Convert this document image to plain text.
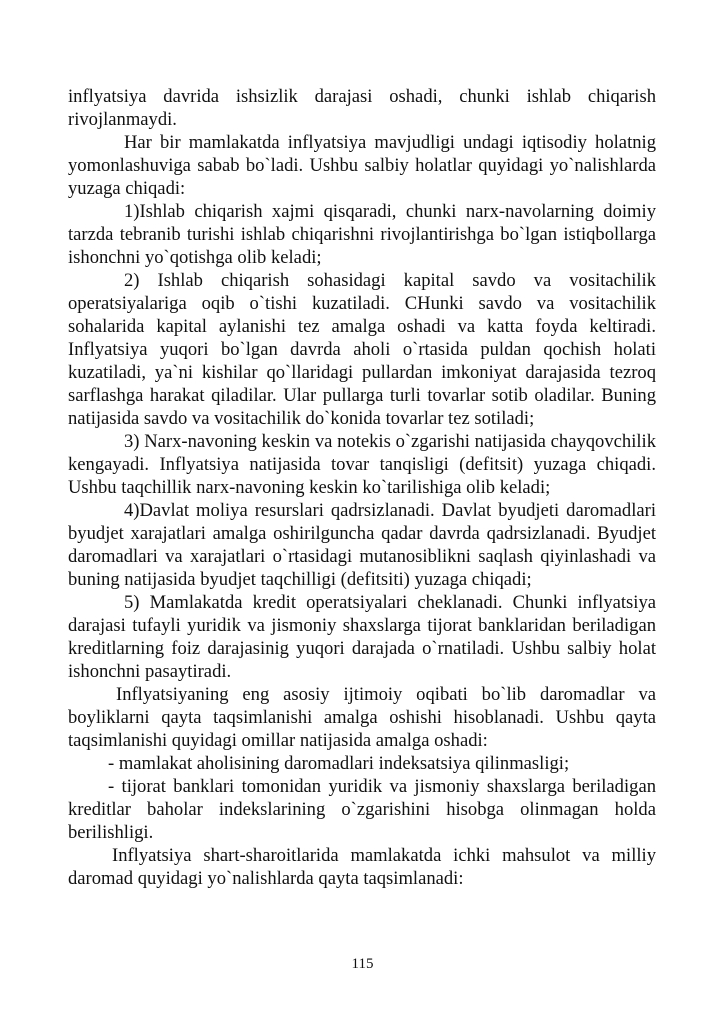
inflyatsiya davrida ishsizlik darajasi oshadi, chunki ishlab chiqarish rivojlanmaydi.

Har bir mamlakatda inflyatsiya mavjudligi undagi iqtisodiy holatnig yomonlashuviga sabab bo`ladi. Ushbu salbiy holatlar quyidagi yo`nalishlarda yuzaga chiqadi:

1)Ishlab chiqarish xajmi qisqaradi, chunki narx-navolarning doimiy tarzda tebranib turishi ishlab chiqarishni rivojlantirishga bo`lgan istiqbollarga ishonchni yo`qotishga olib keladi;

2) Ishlab chiqarish sohasidagi kapital savdo va vositachilik operatsiyalariga oqib o`tishi kuzatiladi. CHunki savdo va vositachilik sohalarida kapital aylanishi tez amalga oshadi va katta foyda keltiradi. Inflyatsiya yuqori bo`lgan davrda aholi o`rtasida puldan qochish holati kuzatiladi, ya`ni kishilar qo`llaridagi pullardan imkoniyat darajasida tezroq sarflashga harakat qiladilar. Ular pullarga turli tovarlar sotib oladilar. Buning natijasida savdo va vositachilik do`konida tovarlar tez sotiladi;

3) Narx-navoning keskin va notekis o`zgarishi natijasida chayqovchilik kengayadi. Inflyatsiya natijasida tovar tanqisligi (defitsit) yuzaga chiqadi. Ushbu taqchillik narx-navoning keskin ko`tarilishiga olib keladi;

4)Davlat moliya resurslari qadrsizlanadi. Davlat byudjeti daromadlari byudjet xarajatlari amalga oshirilguncha qadar davrda qadrsizlanadi. Byudjet daromadlari va xarajatlari o`rtasidagi mutanosiblikni saqlash qiyinlashadi va buning natijasida byudjet taqchilligi (defitsiti) yuzaga chiqadi;

5) Mamlakatda kredit operatsiyalari cheklanadi. Chunki inflyatsiya darajasi tufayli yuridik va jismoniy shaxslarga tijorat banklaridan beriladigan kreditlarning foiz darajasinig yuqori darajada o`rnatiladi. Ushbu salbiy holat ishonchni pasaytiradi.

Inflyatsiyaning eng asosiy ijtimoiy oqibati bo`lib daromadlar va boyliklarni qayta taqsimlanishi amalga oshishi hisoblanadi. Ushbu qayta taqsimlanishi quyidagi omillar natijasida amalga oshadi:

- mamlakat aholisining daromadlari indeksatsiya qilinmasligi;

- tijorat banklari tomonidan yuridik va jismoniy shaxslarga beriladigan kreditlar baholar indekslarining o`zgarishini hisobga olinmagan holda berilishligi.

Inflyatsiya shart-sharoitlarida mamlakatda ichki mahsulot va milliy daromad quyidagi yo`nalishlarda qayta taqsimlanadi:

115
